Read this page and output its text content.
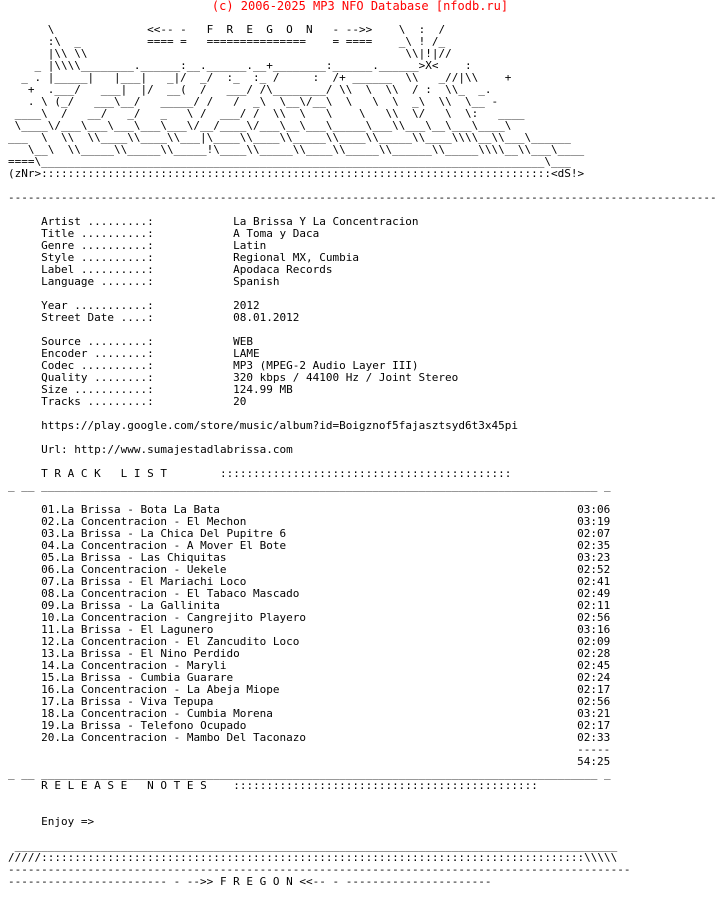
(c) 2006-2025 MP3 NFO Database [nfodb.ru]
\              <<-- -   F  R  E  G  O  N   - -->>    \  :  /
:\  _          ==== =   ===============    = ====    _\ ! /_
|\\ \\                                                \\|!|//
_ |\\\\________.______:__.______.__+________:______.______>X<    :
_ . |_____|   |___|   _|/  _/  :_  :_ /     :  /+ ______  \\   _//|\\    +
+  .___/   ___|  |/  __(  /   ___/ /\________/ \\  \  \\  / :  \\_  _.
. \ (_/   ___\__/   _____/ /   /  _\  \__\/__\  \   \  \  _\  \\  \__ -
____\  /   __/   _/   _   \ /  ___/ /  \\  \   \    \   \\  \/   \  \:   ____
\____\/___\___\___\___\___\/__/____\/___\__\___\_____\___\\___\__\___\____\
___  \  \\  \\____\\____\\___|\____\\____\\_____\\____\\_____\\____\\\\__\\___\______
\__\  \\_____\\_____\\_____!\____\\_____\\____\\_____\\______\\_____\\\\__\\___\____
====\____________________________________________________________________________\___
(zNr>:::::::::::::::::::::::::::::::::::::::::::::::::::::::::::::::::::::::::::::<dS!>

-----------------------------------------------------------------------------------------------------------

Artist .........:	La Brissa Y La Concentracion
Title ..........:	A Toma y Daca
Genre ..........:	Latin
Style ..........:	Regional MX, Cumbia
Label ..........:	Apodaca Records
Language .......:	Spanish

Year ...........:	2012
Street Date ....:	08.01.2012

Source .........:	WEB
Encoder ........:	LAME
Codec ..........:	MP3 (MPEG-2 Audio Layer III)
Quality ........:	320 kbps / 44100 Hz / Joint Stereo
Size ...........:	124.99 MB
Tracks .........:	20

https://play.google.com/store/music/album?id=Boigznof5fajasztsyd6t3x45pi

Url: http://www.sumajestadlabrissa.com

T R A C K   L I S T	::::::::::::::::::::::::::::::::::::::::::::
_ __ ____________________________________________________________________________________ _

01.La Brissa - Bota La Bata	03:06
02.La Concentracion - El Mechon	03:19
03.La Brissa - La Chica Del Pupitre 6	02:07
04.La Concentracion - A Mover El Bote	02:35
05.La Brissa - Las Chiquitas	03:23
06.La Concentracion - Uekele	02:52
07.La Brissa - El Mariachi Loco	02:41
08.La Concentracion - El Tabaco Mascado	02:49
09.La Brissa - La Gallinita	02:11
10.La Concentracion - Cangrejito Playero	02:56
11.La Brissa - El Lagunero	03:16
12.La Concentracion - El Zancudito Loco	02:09
13.La Brissa - El Nino Perdido	02:28
14.La Concentracion - Maryli	02:45
15.La Brissa - Cumbia Guarare	02:24
16.La Concentracion - La Abeja Miope	02:17
17.La Brissa - Viva Tepupa	02:56
18.La Concentracion - Cumbia Morena	03:21
19.La Brissa - Telefono Ocupado	02:17
20.La Concentracion - Mambo Del Taconazo	02:33
-----
54:25
_ __ ____________________________________________________________________________________ _
R E L E A S E   N O T E S ::::::::::::::::::::::::::::::::::::::::::::::

Enjoy =>

___________________________________________________________________________________________
/////::::::::::::::::::::::::::::::::::::::::::::::::::::::::::::::::::::::::::::::::::\\\\\
----------------------------------------------------------------------------------------------
------------------------ - -->> F R E G O N <<-- - ----------------------
